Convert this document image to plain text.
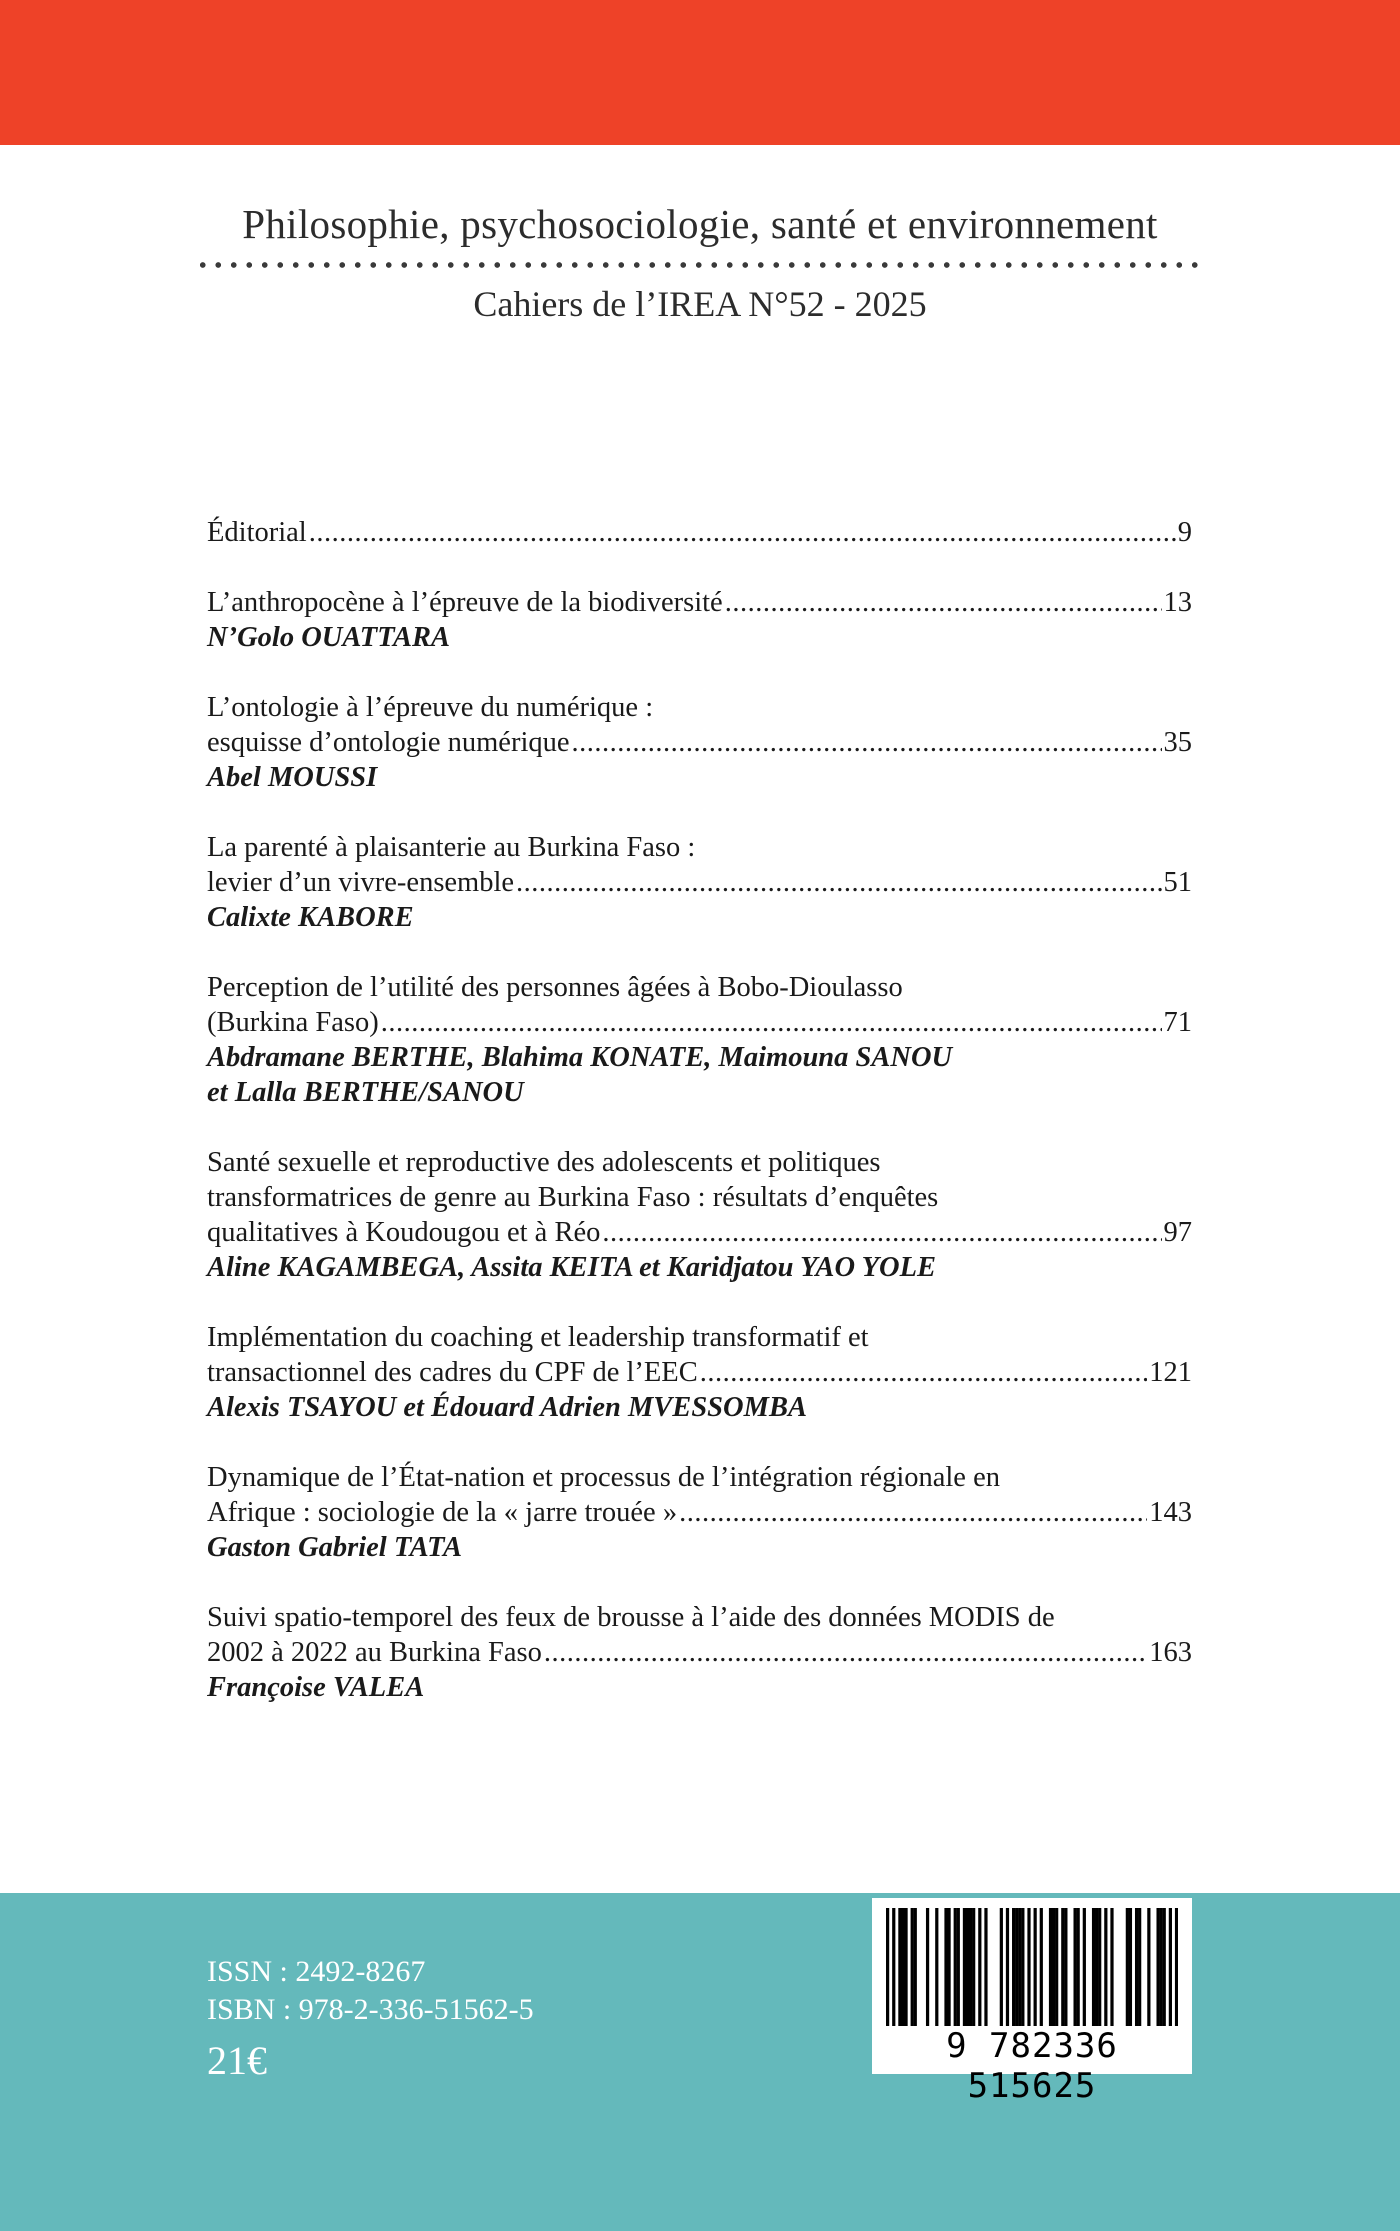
Philosophie, psychosociologie, santé et environnement

Cahiers de l’IREA N°52 - 2025

Éditorial .....	9
L’anthropocène à l’épreuve de la biodiversité .....	13
N’Golo OUATTARA
L’ontologie à l’épreuve du numérique :
esquisse d’ontologie numérique .....	35
Abel MOUSSI
La parenté à plaisanterie au Burkina Faso :
levier d’un vivre-ensemble .....	51
Calixte KABORE
Perception de l’utilité des personnes âgées à Bobo-Dioulasso
(Burkina Faso) .....	71
Abdramane BERTHE, Blahima KONATE, Maimouna SANOU
et Lalla BERTHE/SANOU
Santé sexuelle et reproductive des adolescents et politiques
transformatrices de genre au Burkina Faso : résultats d’enquêtes
qualitatives à Koudougou et à Réo .....	97
Aline KAGAMBEGA, Assita KEITA et Karidjatou YAO YOLE
Implémentation du coaching et leadership transformatif et
transactionnel des cadres du CPF de l’EEC .....	121
Alexis TSAYOU et Édouard Adrien MVESSOMBA
Dynamique de l’État-nation et processus de l’intégration régionale en
Afrique : sociologie de la « jarre trouée » .....	143
Gaston Gabriel TATA
Suivi spatio-temporel des feux de brousse à l’aide des données MODIS de
2002 à 2022 au Burkina Faso .....	163
Françoise VALEA
ISSN : 2492-8267
ISBN : 978-2-336-51562-5
21€	9 782336 515625
